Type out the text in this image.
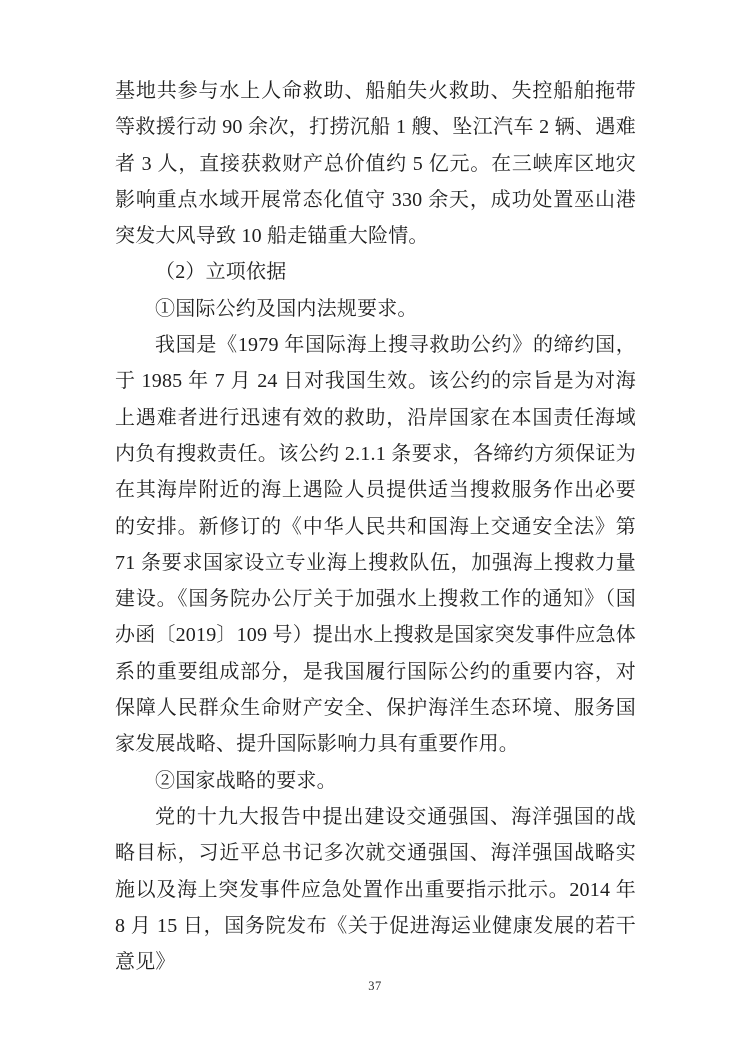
基地共参与水上人命救助、船舶失火救助、失控船舶拖带等救援行动 90 余次，打捞沉船 1 艘、坠江汽车 2 辆、遇难者 3 人，直接获救财产总价值约 5 亿元。在三峡库区地灾影响重点水域开展常态化值守 330 余天，成功处置巫山港突发大风导致 10 船走锚重大险情。

（2）立项依据

①国际公约及国内法规要求。

我国是《1979 年国际海上搜寻救助公约》的缔约国，于 1985 年 7 月 24 日对我国生效。该公约的宗旨是为对海上遇难者进行迅速有效的救助，沿岸国家在本国责任海域内负有搜救责任。该公约 2.1.1 条要求，各缔约方须保证为在其海岸附近的海上遇险人员提供适当搜救服务作出必要的安排。新修订的《中华人民共和国海上交通安全法》第 71 条要求国家设立专业海上搜救队伍，加强海上搜救力量建设。《国务院办公厅关于加强水上搜救工作的通知》（国办函〔2019〕109 号）提出水上搜救是国家突发事件应急体系的重要组成部分，是我国履行国际公约的重要内容，对保障人民群众生命财产安全、保护海洋生态环境、服务国家发展战略、提升国际影响力具有重要作用。

②国家战略的要求。

党的十九大报告中提出建设交通强国、海洋强国的战略目标，习近平总书记多次就交通强国、海洋强国战略实施以及海上突发事件应急处置作出重要指示批示。2014 年 8 月 15 日，国务院发布《关于促进海运业健康发展的若干意见》

37
